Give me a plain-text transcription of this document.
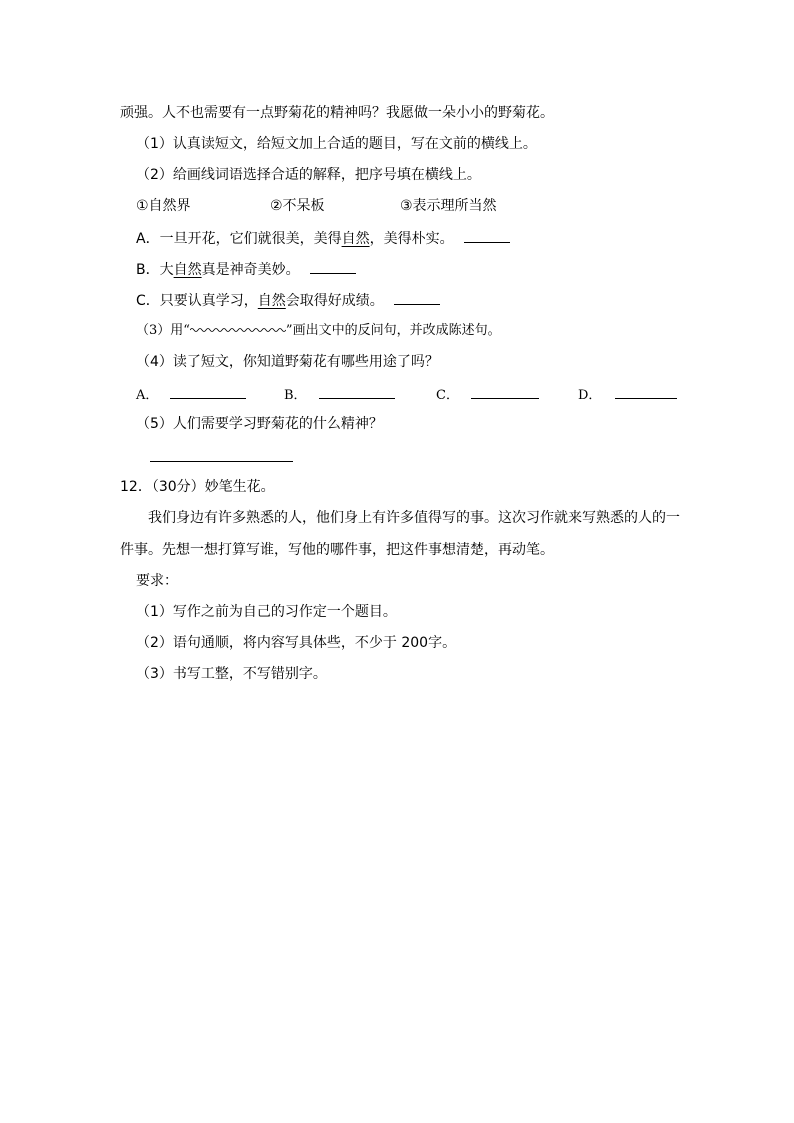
顽强。人不也需要有一点野菊花的精神吗？我愿做一朵小小的野菊花。
（1）认真读短文，给短文加上合适的题目，写在文前的横线上。
（2）给画线词语选择合适的解释，把序号填在横线上。
①自然界	②不呆板	③表示理所当然
A．一旦开花，它们就很美，美得自然，美得朴实。
B．大自然真是神奇美妙。
C．只要认真学习，自然会取得好成绩。
（3）用“	”画出文中的反问句，并改成陈述句。
（4）读了短文，你知道野菊花有哪些用途了吗？
A．	B．	C．	D．
（5）人们需要学习野菊花的什么精神？
12．（30分）妙笔生花。
我们身边有许多熟悉的人，他们身上有许多值得写的事。这次习作就来写熟悉的人的一
件事。先想一想打算写谁，写他的哪件事，把这件事想清楚，再动笔。
要求：
（1）写作之前为自己的习作定一个题目。
（2）语句通顺，将内容写具体些，不少于 200字。
（3）书写工整，不写错别字。
